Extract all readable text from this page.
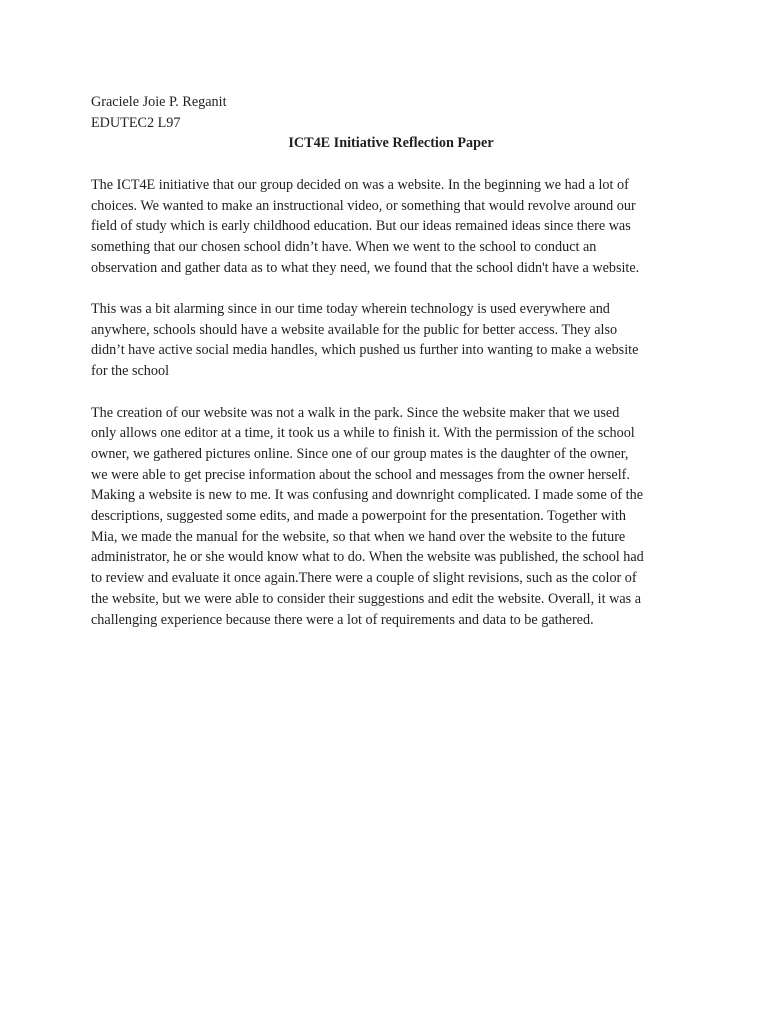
Graciele Joie P. Reganit
EDUTEC2 L97
ICT4E Initiative Reflection Paper
The ICT4E initiative that our group decided on was a website. In the beginning we had a lot of
choices. We wanted to make an instructional video, or something that would revolve around our
field of study which is early childhood education. But our ideas remained ideas since there was
something that our chosen school didn’t have. When we went to the school to conduct an
observation and gather data as to what they need, we found that the school didn't have a website.
This was a bit alarming since in our time today wherein technology is used everywhere and
anywhere, schools should have a website available for the public for better access. They also
didn’t have active social media handles, which pushed us further into wanting to make a website
for the school
The creation of our website was not a walk in the park. Since the website maker that we used
only allows one editor at a time, it took us a while to finish it. With the permission of the school
owner, we gathered pictures online. Since one of our group mates is the daughter of the owner,
we were able to get precise information about the school and messages from the owner herself.
Making a website is new to me. It was confusing and downright complicated. I made some of the
descriptions, suggested some edits, and made a powerpoint for the presentation. Together with
Mia, we made the manual for the website, so that when we hand over the website to the future
administrator, he or she would know what to do. When the website was published, the school had
to review and evaluate it once again.There were a couple of slight revisions, such as the color of
the website, but we were able to consider their suggestions and edit the website. Overall, it was a
challenging experience because there were a lot of requirements and data to be gathered.
